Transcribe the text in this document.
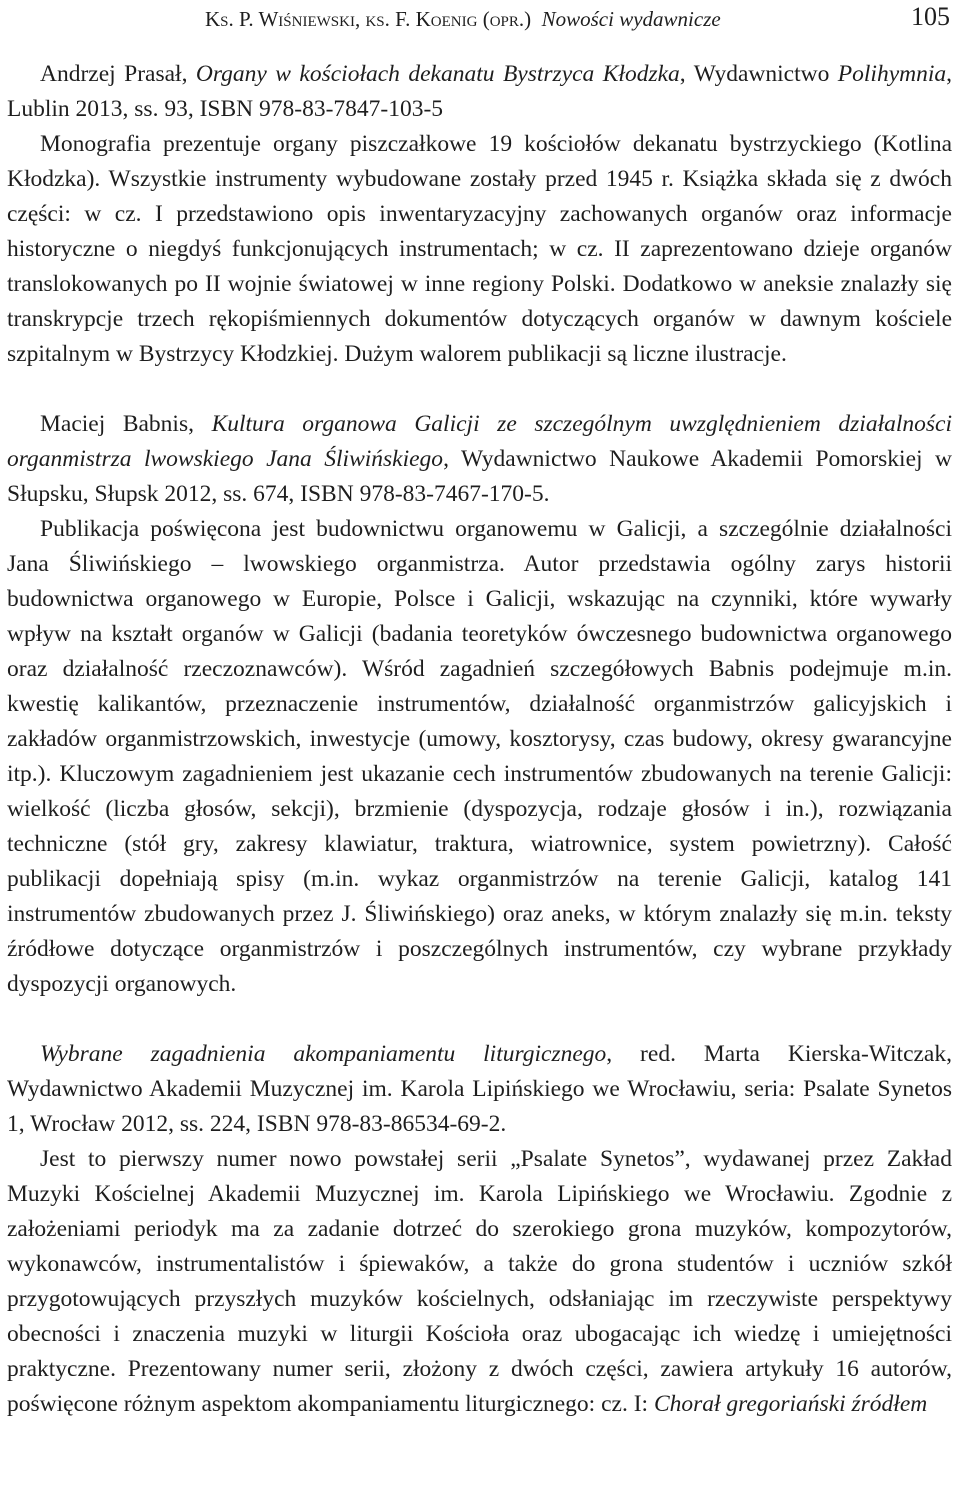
Ks. P. Wiśniewski, ks. F. Koenig (opr.) Nowości wydawnicze	105

Andrzej Prasał, Organy w kościołach dekanatu Bystrzyca Kłodzka, Wydawnictwo Polihymnia, Lublin 2013, ss. 93, ISBN 978-83-7847-103-5

Monografia prezentuje organy piszczałkowe 19 kościołów dekanatu bystrzyckiego (Kotlina Kłodzka). Wszystkie instrumenty wybudowane zostały przed 1945 r. Książka składa się z dwóch części: w cz. I przedstawiono opis inwentaryzacyjny zachowanych organów oraz informacje historyczne o niegdyś funkcjonujących instrumentach; w cz. II zaprezentowano dzieje organów translokowanych po II wojnie światowej w inne regiony Polski. Dodatkowo w aneksie znalazły się transkrypcje trzech rękopiśmiennych dokumentów dotyczących organów w dawnym kościele szpitalnym w Bystrzycy Kłodzkiej. Dużym walorem publikacji są liczne ilustracje.

Maciej Babnis, Kultura organowa Galicji ze szczególnym uwzględnieniem działalności organmistrza lwowskiego Jana Śliwińskiego, Wydawnictwo Naukowe Akademii Pomorskiej w Słupsku, Słupsk 2012, ss. 674, ISBN 978-83-7467-170-5.

Publikacja poświęcona jest budownictwu organowemu w Galicji, a szczególnie działalności Jana Śliwińskiego – lwowskiego organmistrza. Autor przedstawia ogólny zarys historii budownictwa organowego w Europie, Polsce i Galicji, wskazując na czynniki, które wywarły wpływ na kształt organów w Galicji (badania teoretyków ówczesnego budownictwa organowego oraz działalność rzeczoznawców). Wśród zagadnień szczegółowych Babnis podejmuje m.in. kwestię kalikantów, przeznaczenie instrumentów, działalność organmistrzów galicyjskich i zakładów organmistrzowskich, inwestycje (umowy, kosztorysy, czas budowy, okresy gwarancyjne itp.). Kluczowym zagadnieniem jest ukazanie cech instrumentów zbudowanych na terenie Galicji: wielkość (liczba głosów, sekcji), brzmienie (dyspozycja, rodzaje głosów i in.), rozwiązania techniczne (stół gry, zakresy klawiatur, traktura, wiatrownice, system powietrzny). Całość publikacji dopełniają spisy (m.in. wykaz organmistrzów na terenie Galicji, katalog 141 instrumentów zbudowanych przez J. Śliwińskiego) oraz aneks, w którym znalazły się m.in. teksty źródłowe dotyczące organmistrzów i poszczególnych instrumentów, czy wybrane przykłady dyspozycji organowych.

Wybrane zagadnienia akompaniamentu liturgicznego, red. Marta Kierska-Witczak, Wydawnictwo Akademii Muzycznej im. Karola Lipińskiego we Wrocławiu, seria: Psalate Synetos 1, Wrocław 2012, ss. 224, ISBN 978-83-86534-69-2.

Jest to pierwszy numer nowo powstałej serii „Psalate Synetos”, wydawanej przez Zakład Muzyki Kościelnej Akademii Muzycznej im. Karola Lipińskiego we Wrocławiu. Zgodnie z założeniami periodyk ma za zadanie dotrzeć do szerokiego grona muzyków, kompozytorów, wykonawców, instrumentalistów i śpiewaków, a także do grona studentów i uczniów szkół przygotowujących przyszłych muzyków kościelnych, odsłaniając im rzeczywiste perspektywy obecności i znaczenia muzyki w liturgii Kościoła oraz ubogacając ich wiedzę i umiejętności praktyczne. Prezentowany numer serii, złożony z dwóch części, zawiera artykuły 16 autorów, poświęcone różnym aspektom akompaniamentu liturgicznego: cz. I: Chorał gregoriański źródłem
